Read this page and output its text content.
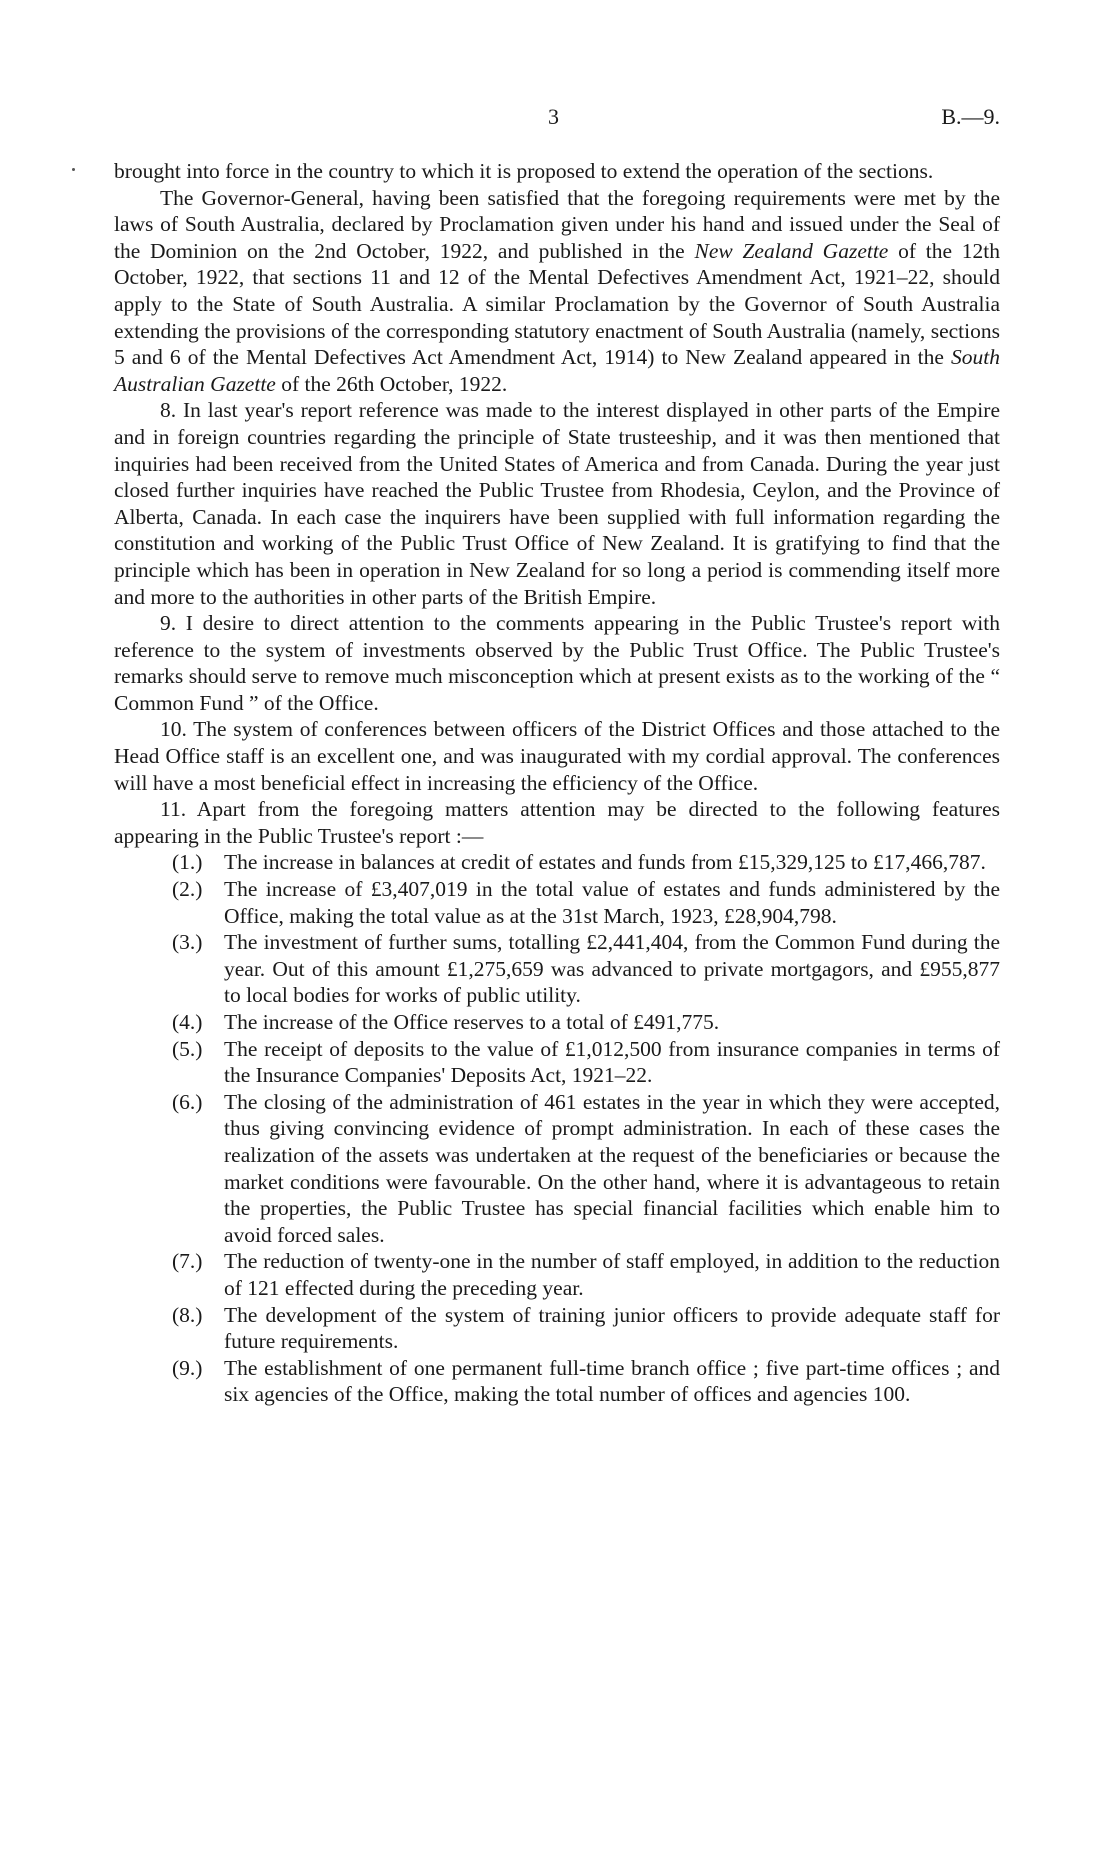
3	B.—9.

brought into force in the country to which it is proposed to extend the operation of the sections.

The Governor-General, having been satisfied that the foregoing requirements were met by the laws of South Australia, declared by Proclamation given under his hand and issued under the Seal of the Dominion on the 2nd October, 1922, and published in the New Zealand Gazette of the 12th October, 1922, that sections 11 and 12 of the Mental Defectives Amendment Act, 1921–22, should apply to the State of South Australia. A similar Proclamation by the Governor of South Australia extending the provisions of the corresponding statutory enactment of South Australia (namely, sections 5 and 6 of the Mental Defectives Act Amendment Act, 1914) to New Zealand appeared in the South Australian Gazette of the 26th October, 1922.

8. In last year's report reference was made to the interest displayed in other parts of the Empire and in foreign countries regarding the principle of State trusteeship, and it was then mentioned that inquiries had been received from the United States of America and from Canada. During the year just closed further inquiries have reached the Public Trustee from Rhodesia, Ceylon, and the Province of Alberta, Canada. In each case the inquirers have been supplied with full information regarding the constitution and working of the Public Trust Office of New Zealand. It is gratifying to find that the principle which has been in operation in New Zealand for so long a period is commending itself more and more to the authorities in other parts of the British Empire.

9. I desire to direct attention to the comments appearing in the Public Trustee's report with reference to the system of investments observed by the Public Trust Office. The Public Trustee's remarks should serve to remove much misconception which at present exists as to the working of the “ Common Fund ” of the Office.

10. The system of conferences between officers of the District Offices and those attached to the Head Office staff is an excellent one, and was inaugurated with my cordial approval. The conferences will have a most beneficial effect in increasing the efficiency of the Office.

11. Apart from the foregoing matters attention may be directed to the following features appearing in the Public Trustee's report :—

(1.) The increase in balances at credit of estates and funds from £15,329,125 to £17,466,787.
(2.) The increase of £3,407,019 in the total value of estates and funds administered by the Office, making the total value as at the 31st March, 1923, £28,904,798.
(3.) The investment of further sums, totalling £2,441,404, from the Common Fund during the year. Out of this amount £1,275,659 was advanced to private mortgagors, and £955,877 to local bodies for works of public utility.
(4.) The increase of the Office reserves to a total of £491,775.
(5.) The receipt of deposits to the value of £1,012,500 from insurance companies in terms of the Insurance Companies' Deposits Act, 1921–22.
(6.) The closing of the administration of 461 estates in the year in which they were accepted, thus giving convincing evidence of prompt administration. In each of these cases the realization of the assets was undertaken at the request of the beneficiaries or because the market conditions were favourable. On the other hand, where it is advantageous to retain the properties, the Public Trustee has special financial facilities which enable him to avoid forced sales.
(7.) The reduction of twenty-one in the number of staff employed, in addition to the reduction of 121 effected during the preceding year.
(8.) The development of the system of training junior officers to provide adequate staff for future requirements.
(9.) The establishment of one permanent full-time branch office ; five part-time offices ; and six agencies of the Office, making the total number of offices and agencies 100.
